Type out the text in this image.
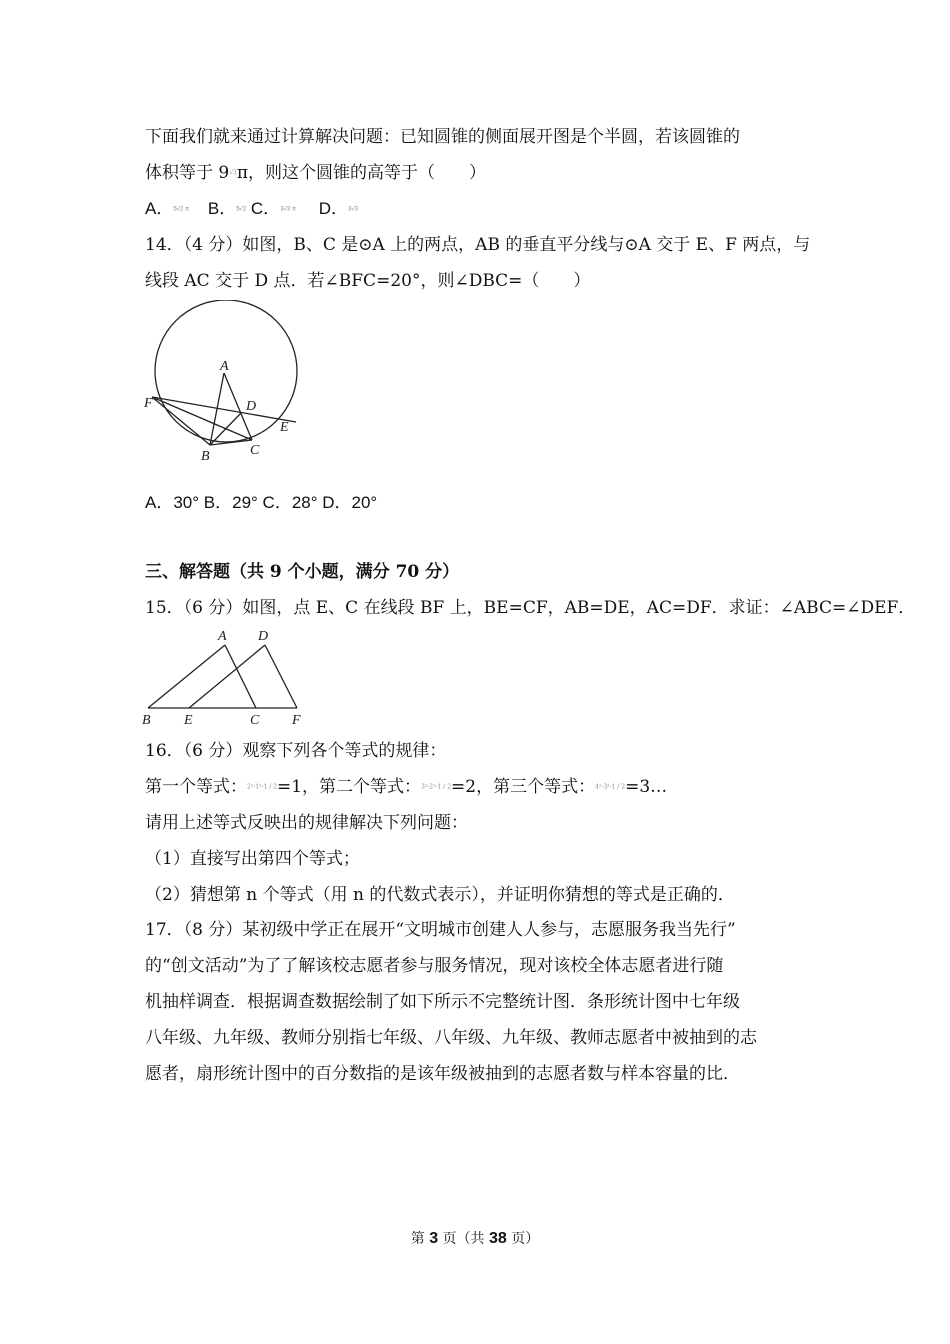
下面我们就来通过计算解决问题：已知圆锥的侧面展开图是个半圆，若该圆锥的
体积等于 9√3π，则这个圆锥的高等于（　　）
A．5√2 π B．5√2 C．3√3 π D．3√3
14．（4 分）如图，B、C 是⊙A 上的两点，AB 的垂直平分线与⊙A 交于 E、F 两点，与
线段 AC 交于 D 点．若∠BFC=20°，则∠DBC=（　　）
A
D
F
E
B	C
A．30° B．29° C．28° D．20°
三、解答题（共 9 个小题，满分 70 分）
15．（6 分）如图，点 E、C 在线段 BF 上，BE=CF，AB=DE，AC=DF．求证：∠ABC=∠DEF．
A D
B E	C F
16．（6 分）观察下列各个等式的规律：
第一个等式：2²-1²-1 / 2=1，第二个等式：3²-2²-1 / 2=2，第三个等式：4²-3²-1 / 2=3…
请用上述等式反映出的规律解决下列问题：
（1）直接写出第四个等式；
（2）猜想第 n 个等式（用 n 的代数式表示），并证明你猜想的等式是正确的．
17．（8 分）某初级中学正在展开“文明城市创建人人参与，志愿服务我当先行”
的“创文活动”为了了解该校志愿者参与服务情况，现对该校全体志愿者进行随
机抽样调查．根据调查数据绘制了如下所示不完整统计图．条形统计图中七年级
八年级、九年级、教师分别指七年级、八年级、九年级、教师志愿者中被抽到的志
愿者，扇形统计图中的百分数指的是该年级被抽到的志愿者数与样本容量的比．
第 3 页（共 38 页）
